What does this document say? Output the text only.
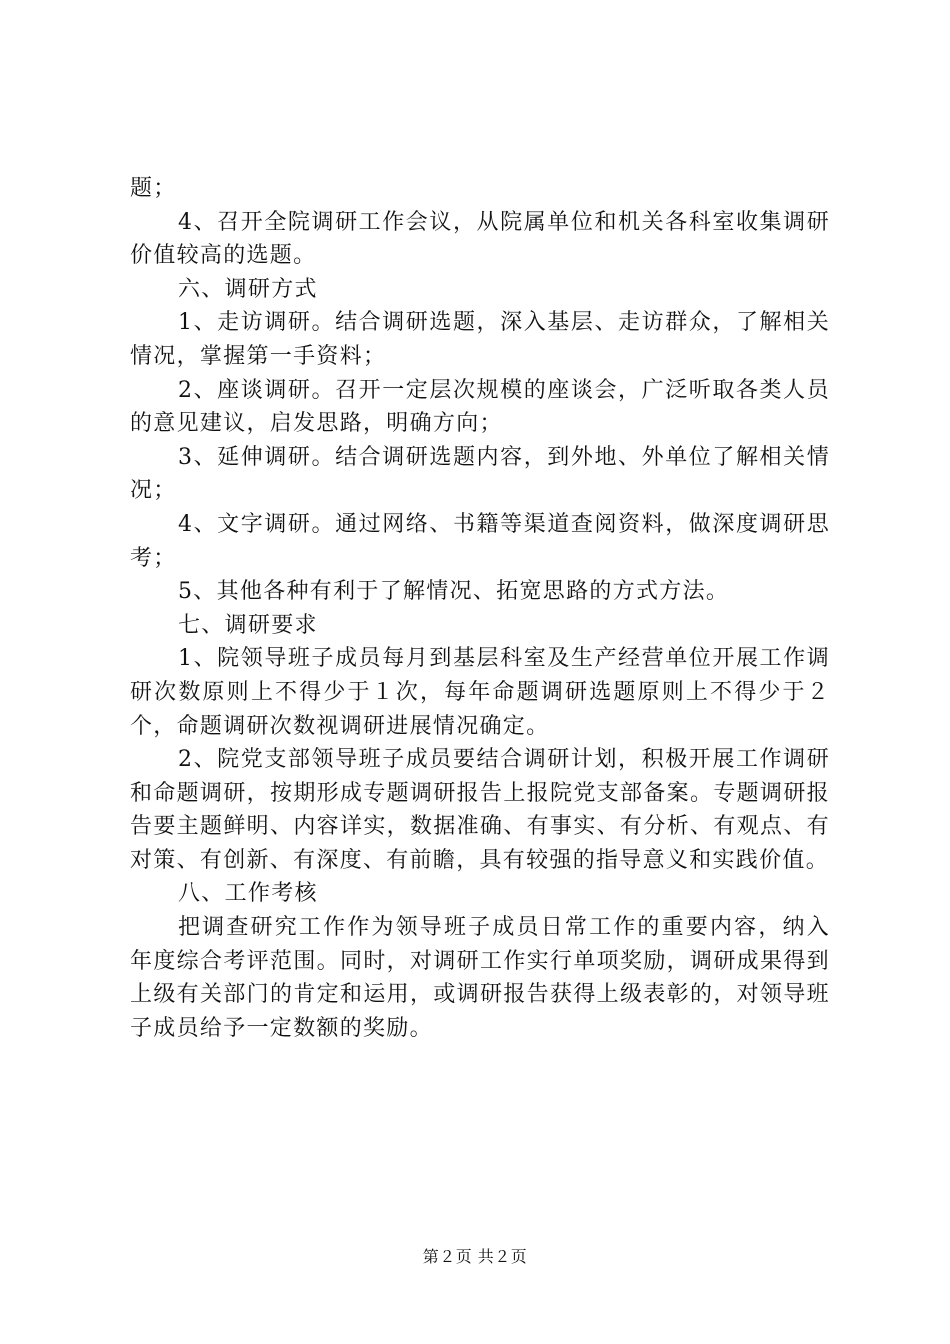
题；

4、召开全院调研工作会议，从院属单位和机关各科室收集调研价值较高的选题。

六、调研方式

1、走访调研。结合调研选题，深入基层、走访群众，了解相关情况，掌握第一手资料；

2、座谈调研。召开一定层次规模的座谈会，广泛听取各类人员的意见建议，启发思路，明确方向；

3、延伸调研。结合调研选题内容，到外地、外单位了解相关情况；

4、文字调研。通过网络、书籍等渠道查阅资料，做深度调研思考；

5、其他各种有利于了解情况、拓宽思路的方式方法。

七、调研要求

1、院领导班子成员每月到基层科室及生产经营单位开展工作调研次数原则上不得少于１次，每年命题调研选题原则上不得少于２个，命题调研次数视调研进展情况确定。

2、院党支部领导班子成员要结合调研计划，积极开展工作调研和命题调研，按期形成专题调研报告上报院党支部备案。专题调研报告要主题鲜明、内容详实，数据准确、有事实、有分析、有观点、有对策、有创新、有深度、有前瞻，具有较强的指导意义和实践价值。

八、工作考核

把调查研究工作作为领导班子成员日常工作的重要内容，纳入年度综合考评范围。同时，对调研工作实行单项奖励，调研成果得到上级有关部门的肯定和运用，或调研报告获得上级表彰的，对领导班子成员给予一定数额的奖励。

第２页 共２页
